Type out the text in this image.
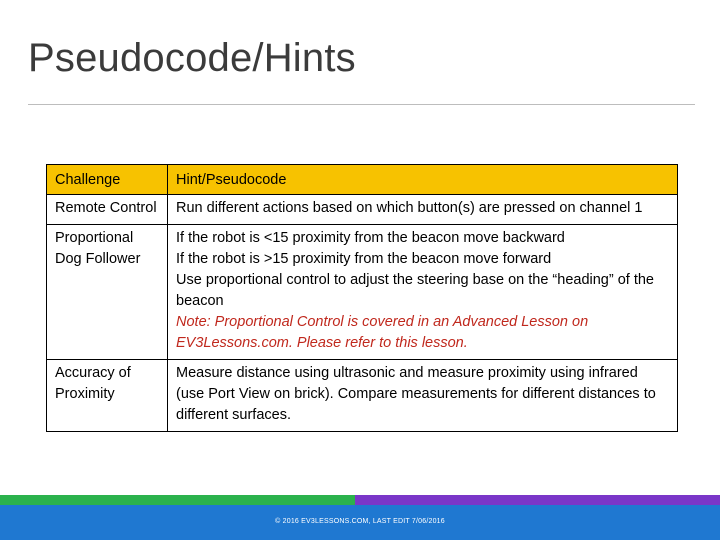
Pseudocode/Hints
Challenge	Hint/Pseudocode
Remote Control	Run different actions based on which button(s) are pressed on channel 1

Proportional Dog Follower	If the robot is <15 proximity from the beacon move backward
If the robot is >15 proximity from the beacon move forward
Use proportional control to adjust the steering base on the “heading” of the beacon
Note: Proportional Control is covered in an Advanced Lesson on EV3Lessons.com. Please refer to this lesson.

Accuracy of Proximity	Measure distance using ultrasonic and measure proximity using infrared (use Port View on brick). Compare measurements for different distances to different surfaces.
© 2016 EV3LESSONS.COM, LAST EDIT 7/06/2016
